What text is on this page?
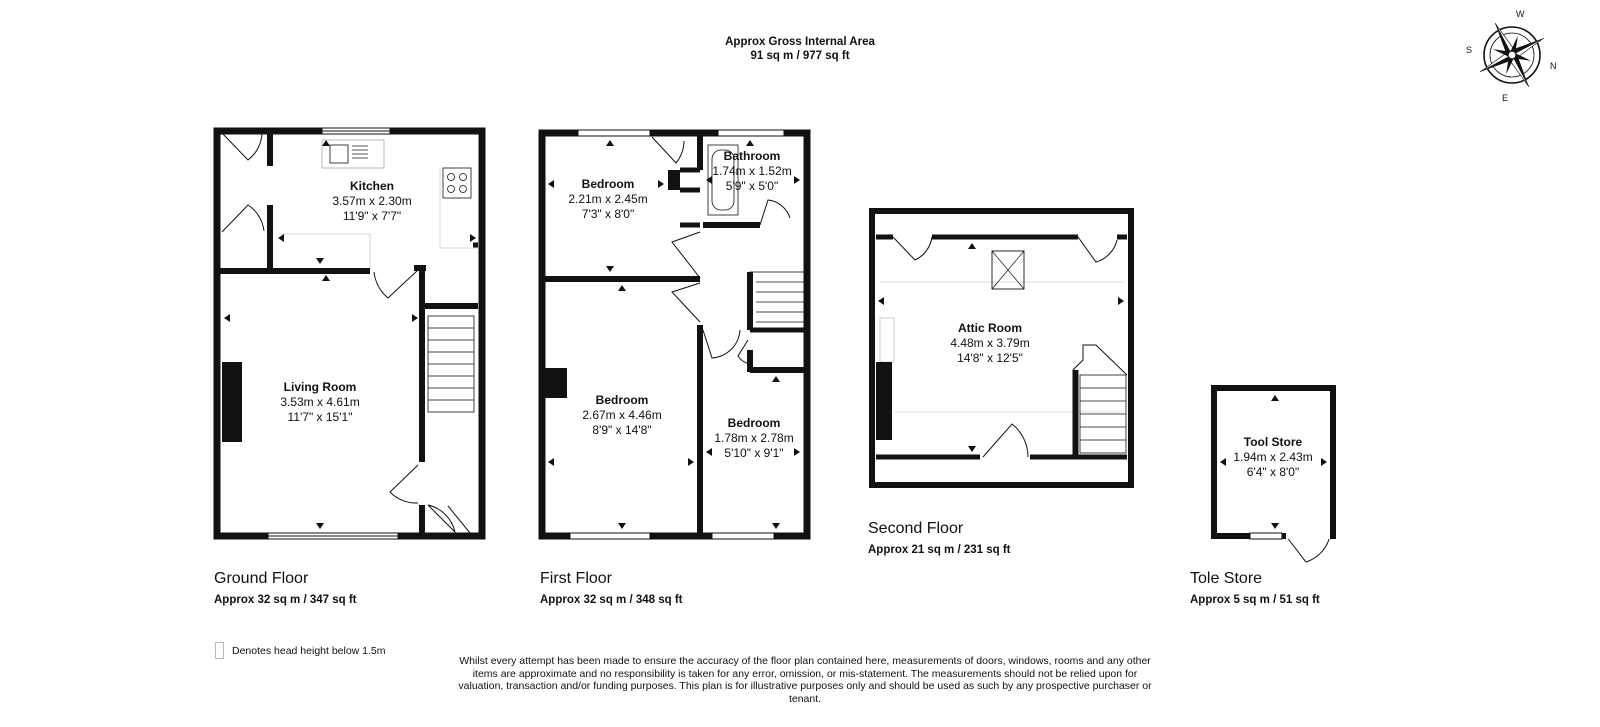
N
E
S
W
Kitchen
3.57m x 2.30m
11'9" x 7'7"
Living Room
3.53m x 4.61m
11'7" x 15'1"
Bedroom
2.21m x 2.45m
7'3" x 8'0"
Bathroom
1.74m x 1.52m
5'9" x 5'0"
Bedroom
2.67m x 4.46m
8'9" x 14'8"	Bedroom
1.78m x 2.78m
5'10" x 9'1"
Attic Room
4.48m x 3.79m
14'8" x 12'5"
Tool Store
1.94m x 2.43m
6'4" x 8'0"
Approx Gross Internal Area
91 sq m / 977 sq ft
Ground Floor
Approx 32 sq m / 347 sq ft
First Floor
Approx 32 sq m / 348 sq ft
Second Floor
Approx 21 sq m / 231 sq ft
Tole Store
Approx 5 sq m / 51 sq ft
Denotes head height below 1.5m
Whilst every attempt has been made to ensure the accuracy of the floor plan contained here, measurements of doors, windows, rooms and any other items are approximate and no responsibility is taken for any error, omission, or mis-statement. The measurements should not be relied upon for valuation, transaction and/or funding purposes. This plan is for illustrative purposes only and should be used as such by any prospective purchaser or tenant.
